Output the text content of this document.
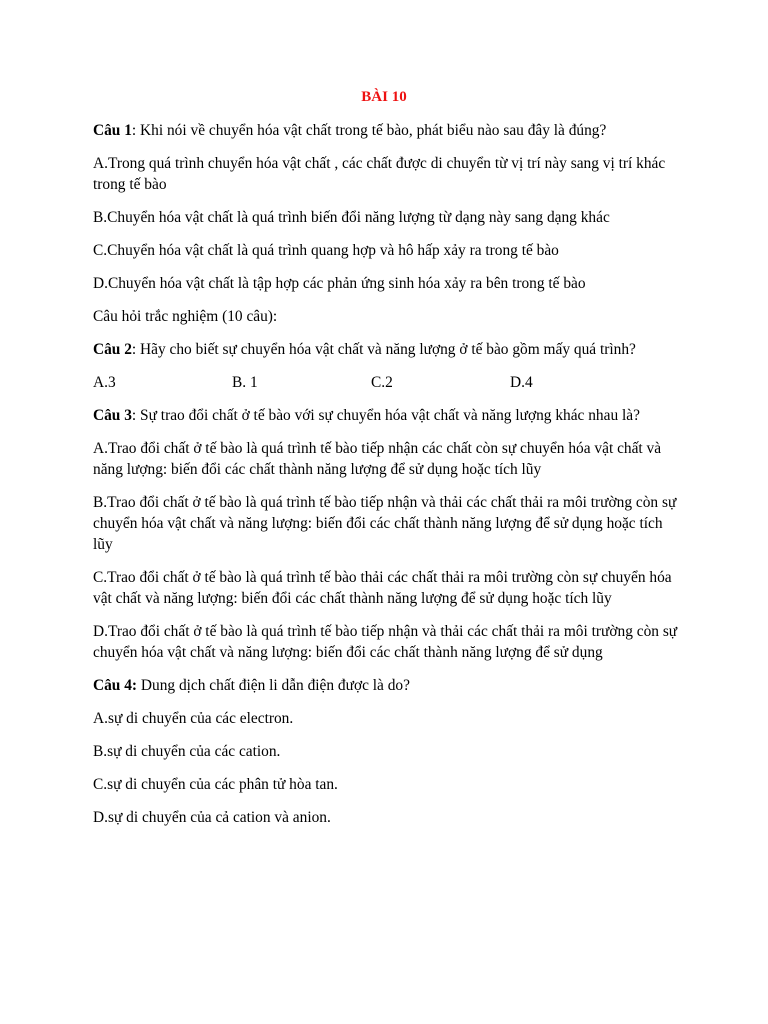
BÀI 10

Câu 1: Khi nói về chuyển hóa vật chất trong tế bào, phát biểu nào sau đây là đúng?

A.Trong quá trình chuyển hóa vật chất , các chất được di chuyển từ vị trí này sang vị trí khác trong tế bào

B.Chuyển hóa vật chất là quá trình biến đổi năng lượng từ dạng này sang dạng khác

C.Chuyển hóa vật chất là quá trình quang hợp và hô hấp xảy ra trong tế bào

D.Chuyển hóa vật chất là tập hợp các phản ứng sinh hóa xảy ra bên trong tế bào

Câu hỏi trắc nghiệm (10 câu):

Câu 2: Hãy cho biết sự chuyển hóa vật chất và năng lượng ở tế bào gồm mấy quá trình?

A.3	B. 1	C.2	D.4

Câu 3: Sự trao đổi chất ở tế bào với sự chuyển hóa vật chất và năng lượng khác nhau là?

A.Trao đổi chất ở tế bào là quá trình tế bào tiếp nhận các chất còn sự chuyển hóa vật chất và năng lượng: biến đổi các chất thành năng lượng để sử dụng hoặc tích lũy

B.Trao đổi chất ở tế bào là quá trình tế bào tiếp nhận và thải các chất thải ra môi trường còn sự chuyển hóa vật chất và năng lượng: biến đổi các chất thành năng lượng để sử dụng hoặc tích lũy

C.Trao đổi chất ở tế bào là quá trình tế bào thải các chất thải ra môi trường còn sự chuyển hóa vật chất và năng lượng: biến đổi các chất thành năng lượng để sử dụng hoặc tích lũy

D.Trao đổi chất ở tế bào là quá trình tế bào tiếp nhận và thải các chất thải ra môi trường còn sự chuyển hóa vật chất và năng lượng: biến đổi các chất thành năng lượng để sử dụng

Câu 4: Dung dịch chất điện li dẫn điện được là do?

A.sự di chuyển của các electron.

B.sự di chuyển của các cation.

C.sự di chuyển của các phân tử hòa tan.

D.sự di chuyển của cả cation và anion.
